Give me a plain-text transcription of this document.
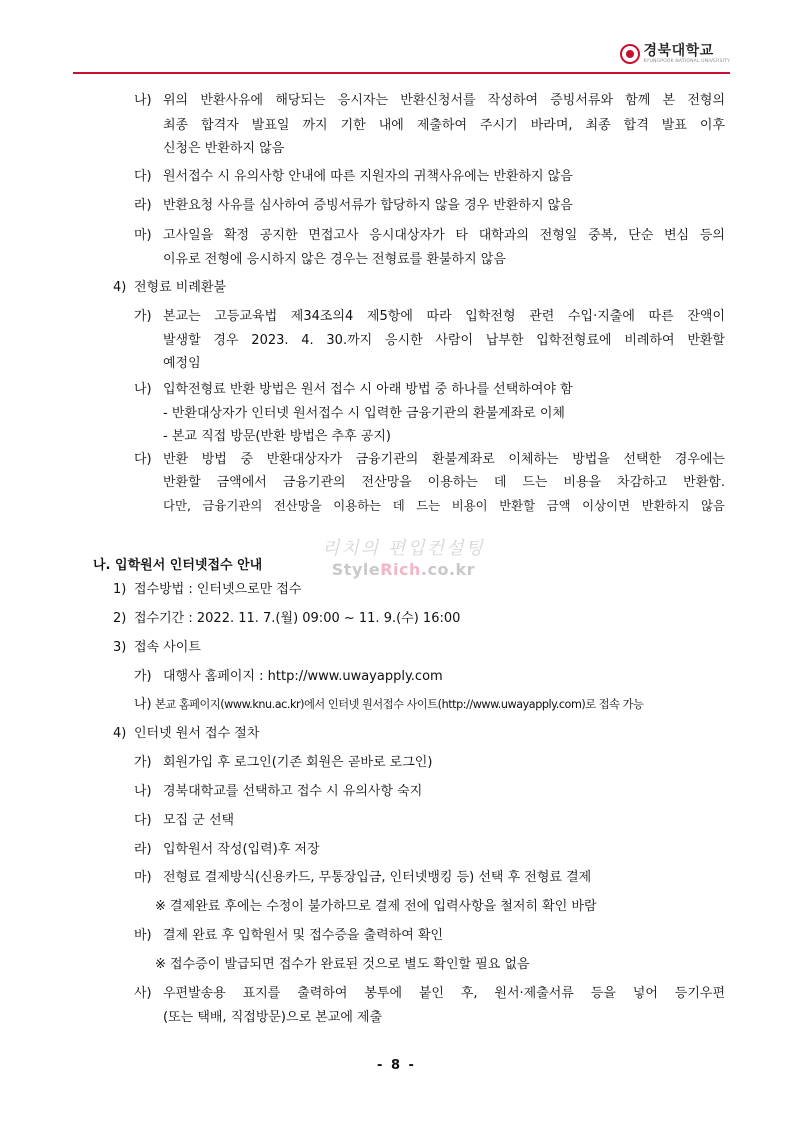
경북대학교
KYUNGPOOK NATIONAL UNIVERSITY
나) 위의 반환사유에 해당되는 응시자는 반환신청서를 작성하여 증빙서류와 함께 본 전형의
최종 합격자 발표일 까지 기한 내에 제출하여 주시기 바라며, 최종 합격 발표 이후
신청은 반환하지 않음
다) 원서접수 시 유의사항 안내에 따른 지원자의 귀책사유에는 반환하지 않음
라) 반환요청 사유를 심사하여 증빙서류가 합당하지 않을 경우 반환하지 않음
마) 고사일을 확정 공지한 면접고사 응시대상자가 타 대학과의 전형일 중복, 단순 변심 등의
이유로 전형에 응시하지 않은 경우는 전형료를 환불하지 않음
4) 전형료 비례환불
가) 본교는 고등교육법 제34조의4 제5항에 따라 입학전형 관련 수입·지출에 따른 잔액이
발생할 경우 2023. 4. 30.까지 응시한 사람이 납부한 입학전형료에 비례하여 반환할
예정임
나) 입학전형료 반환 방법은 원서 접수 시 아래 방법 중 하나를 선택하여야 함
- 반환대상자가 인터넷 원서접수 시 입력한 금융기관의 환불계좌로 이체
- 본교 직접 방문(반환 방법은 추후 공지)
다) 반환 방법 중 반환대상자가 금융기관의 환불계좌로 이체하는 방법을 선택한 경우에는
반환할 금액에서 금융기관의 전산망을 이용하는 데 드는 비용을 차감하고 반환함.
다만, 금융기관의 전산망을 이용하는 데 드는 비용이 반환할 금액 이상이면 반환하지 않음
나. 입학원서 인터넷접수 안내
1) 접수방법 : 인터넷으로만 접수
2) 접수기간 : 2022. 11. 7.(월) 09:00 ~ 11. 9.(수) 16:00
3) 접속 사이트
가) 대행사 홈페이지 : http://www.uwayapply.com
나) 본교 홈페이지(www.knu.ac.kr)에서 인터넷 원서접수 사이트(http://www.uwayapply.com)로 접속 가능
4) 인터넷 원서 접수 절차
가) 회원가입 후 로그인(기존 회원은 곧바로 로그인)
나) 경북대학교를 선택하고 접수 시 유의사항 숙지
다) 모집 군 선택
라) 입학원서 작성(입력)후 저장
마) 전형료 결제방식(신용카드, 무통장입금, 인터넷뱅킹 등) 선택 후 전형료 결제
※ 결제완료 후에는 수정이 불가하므로 결제 전에 입력사항을 철저히 확인 바람
바) 결제 완료 후 입학원서 및 접수증을 출력하여 확인
※ 접수증이 발급되면 접수가 완료된 것으로 별도 확인할 필요 없음
사) 우편발송용 표지를 출력하여 봉투에 붙인 후, 원서·제출서류 등을 넣어 등기우편
(또는 택배, 직접방문)으로 본교에 제출
리치의 편입컨설팅
StyleRich.co.kr
- 8 -
